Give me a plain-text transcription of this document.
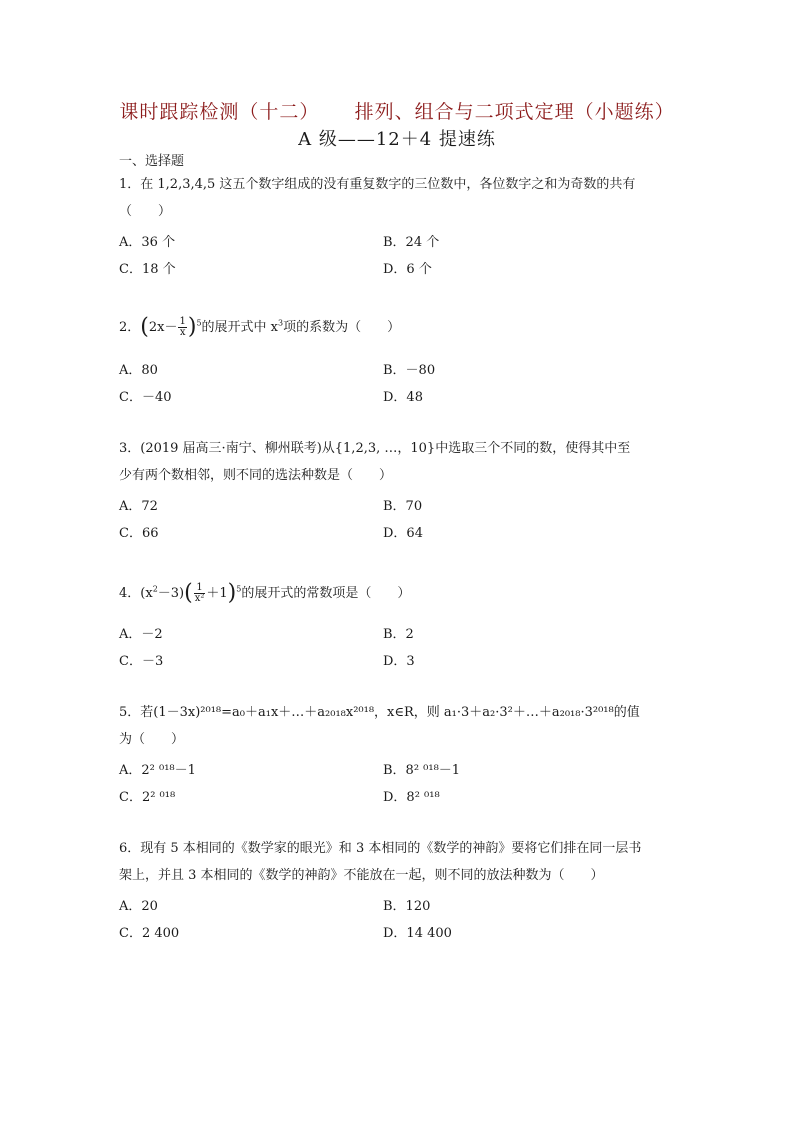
课时跟踪检测（十二） 排列、组合与二项式定理（小题练）
A 级——12＋4 提速练
一、选择题
1．在 1,2,3,4,5 这五个数字组成的没有重复数字的三位数中，各位数字之和为奇数的共有
（　　）
A．36 个	B．24 个
C．18 个	D．6 个
2．$(2x- \frac{1}{x} )^5$的展开式中 $x^3$项的系数为（　　）
A．80	B．－80
C．－40	D．48
3．(2019 届高三·南宁、柳州联考)从{1,2,3, …，10}中选取三个不同的数，使得其中至
少有两个数相邻，则不同的选法种数是（　　）
A．72	B．70
C．66	D．64
4．$(x^2-3)( \frac{1}{\text{x²}} +1)^5$的展开式的常数项是（　　）
A．－2	B．2
C．－3	D．3
5．若(1－3x)²⁰¹⁸=a₀＋a₁x＋…＋a₂₀₁₈x²⁰¹⁸，x∈R，则 a₁·3＋a₂·3²＋…＋a₂₀₁₈·3²⁰¹⁸的值
为（　　）
A．2² ⁰¹⁸－1	B．8² ⁰¹⁸－1
C．2² ⁰¹⁸	D．8² ⁰¹⁸
6．现有 5 本相同的《数学家的眼光》和 3 本相同的《数学的神韵》要将它们排在同一层书
架上，并且 3 本相同的《数学的神韵》不能放在一起，则不同的放法种数为（　　）
A．20	B．120
C．2 400	D．14 400
